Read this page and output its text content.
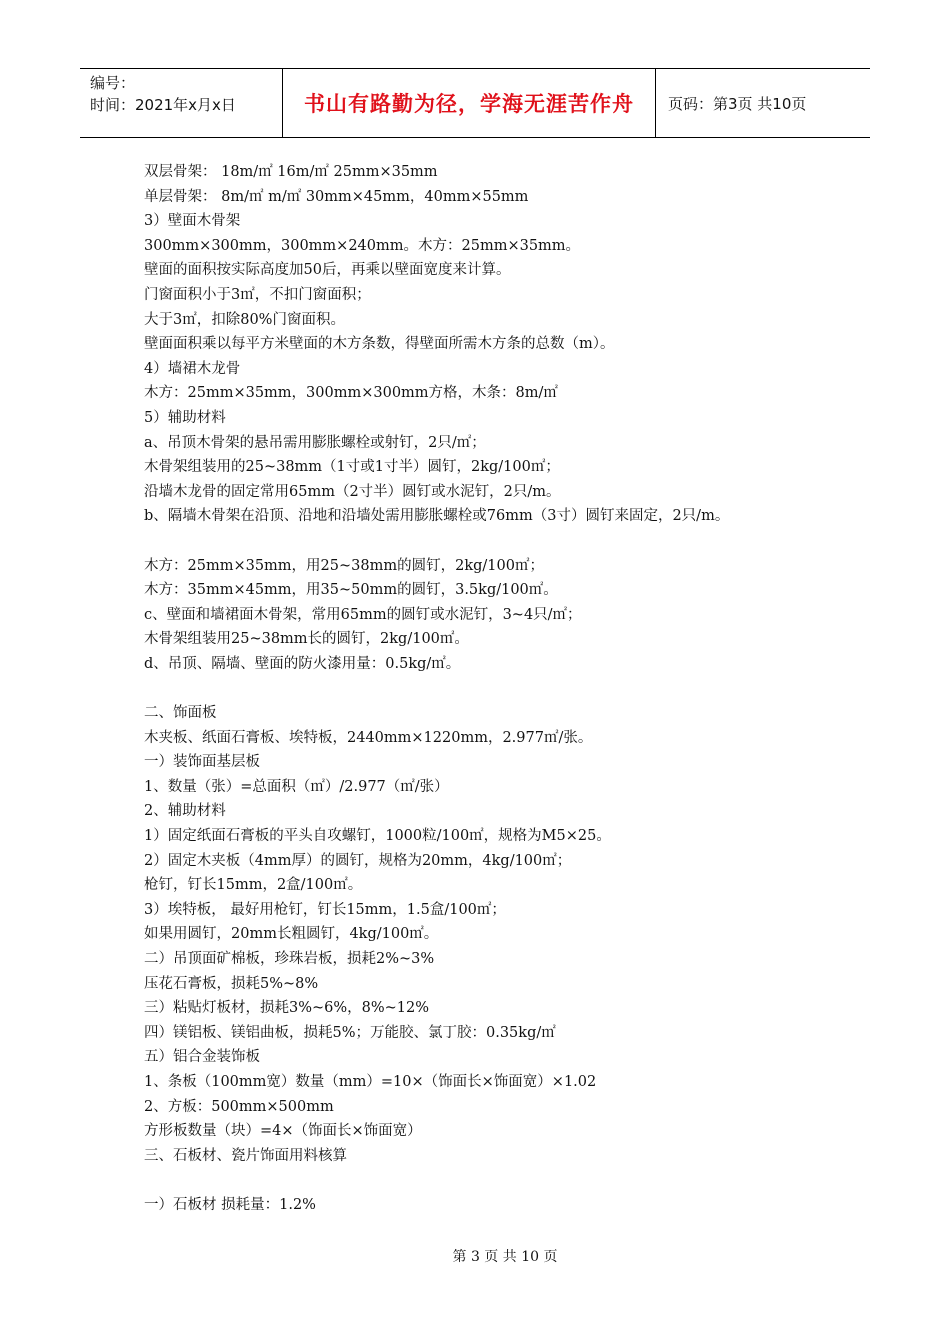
编号：
时间：2021年x月x日	书山有路勤为径，学海无涯苦作舟	页码：第3页 共10页
双层骨架： 18m/㎡ 16m/㎡ 25mm×35mm
单层骨架： 8m/㎡ m/㎡ 30mm×45mm，40mm×55mm
3）壁面木骨架
300mm×300mm，300mm×240mm。木方：25mm×35mm。
壁面的面积按实际高度加50后，再乘以壁面宽度来计算。
门窗面积小于3㎡，不扣门窗面积；
大于3㎡，扣除80%门窗面积。
壁面面积乘以每平方米壁面的木方条数，得壁面所需木方条的总数（m）。
4）墙裙木龙骨
木方：25mm×35mm，300mm×300mm方格，木条：8m/㎡
5）辅助材料
a、吊顶木骨架的悬吊需用膨胀螺栓或射钉，2只/㎡；
木骨架组装用的25~38mm（1寸或1寸半）圆钉，2kg/100㎡；
沿墙木龙骨的固定常用65mm（2寸半）圆钉或水泥钉，2只/m。
b、隔墙木骨架在沿顶、沿地和沿墙处需用膨胀螺栓或76mm（3寸）圆钉来固定，2只/m。
木方：25mm×35mm，用25~38mm的圆钉，2kg/100㎡；
木方：35mm×45mm，用35~50mm的圆钉，3.5kg/100㎡。
c、壁面和墙裙面木骨架，常用65mm的圆钉或水泥钉，3~4只/㎡；
木骨架组装用25~38mm长的圆钉，2kg/100㎡。
d、吊顶、隔墙、壁面的防火漆用量：0.5kg/㎡。
二、饰面板
木夹板、纸面石膏板、埃特板，2440mm×1220mm，2.977㎡/张。
一）装饰面基层板
1、数量（张）=总面积（㎡）/2.977（㎡/张）
2、辅助材料
1）固定纸面石膏板的平头自攻螺钉，1000粒/100㎡，规格为M5×25。
2）固定木夹板（4mm厚）的圆钉，规格为20mm，4kg/100㎡；
枪钉，钉长15mm，2盒/100㎡。
3）埃特板， 最好用枪钉，钉长15mm，1.5盒/100㎡；
如果用圆钉，20mm长粗圆钉，4kg/100㎡。
二）吊顶面矿棉板，珍珠岩板，损耗2%~3%
压花石膏板，损耗5%~8%
三）粘贴灯板材，损耗3%~6%，8%~12%
四）镁铝板、镁铝曲板，损耗5%；万能胶、氯丁胶：0.35kg/㎡
五）铝合金装饰板
1、条板（100mm宽）数量（mm）=10×（饰面长×饰面宽）×1.02
2、方板：500mm×500mm
方形板数量（块）=4×（饰面长×饰面宽）
三、石板材、瓷片饰面用料核算
一）石板材 损耗量：1.2%
第 3 页 共 10 页
